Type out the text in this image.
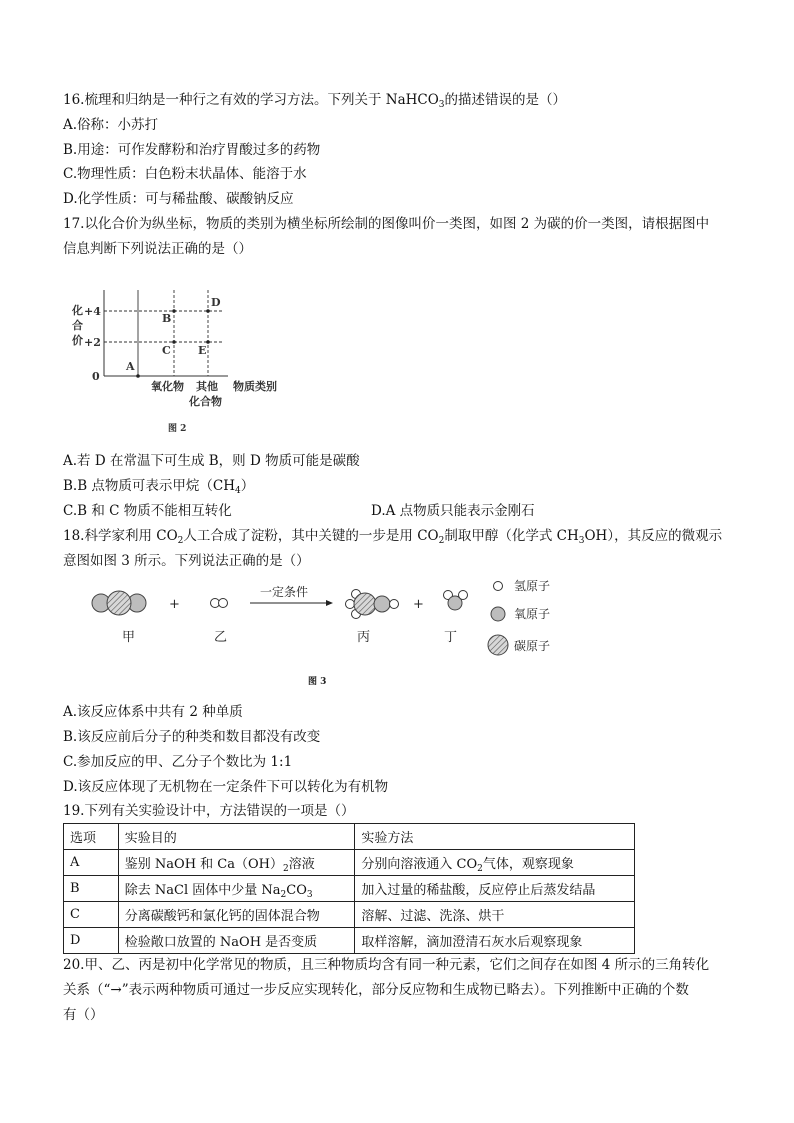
16.梳理和归纳是一种行之有效的学习方法。下列关于 NaHCO$_3$的描述错误的是（）
A.俗称：小苏打
B.用途：可作发酵粉和治疗胃酸过多的药物
C.物理性质：白色粉末状晶体、能溶于水
D.化学性质：可与稀盐酸、碳酸钠反应
17.以化合价为纵坐标，物质的类别为横坐标所绘制的图像叫价一类图，如图 2 为碳的价一类图，请根据图中
信息判断下列说法正确的是（）
化
合
价
+4
+2
0
A
B
C
D
E
氧化物 其他 物质类别
化合物
图 2
A.若 D 在常温下可生成 B，则 D 物质可能是碳酸
B.B 点物质可表示甲烷$(CH_4)$
C.B 和 C 物质不能相互转化	D.A 点物质只能表示金刚石
18.科学家利用 $CO_2$人工合成了淀粉，其中关键的一步是用 $CO_2$制取甲醇（化学式 $CH_3OH$），其反应的微观示
意图如图 3 所示。下列说法正确的是（）
+
一定条件
+
甲	乙	丙	丁
氢原子
氧原子
碳原子
图 3
A.该反应体系中共有 2 种单质
B.该反应前后分子的种类和数目都没有改变
C.参加反应的甲、乙分子个数比为 1:1
D.该反应体现了无机物在一定条件下可以转化为有机物
19.下列有关实验设计中，方法错误的一项是（）
选项	实验目的	实验方法
A	鉴别 NaOH 和 $Ca(OH)_2$溶液	分别向溶液通入 $CO_2$气体，观察现象
B	除去 NaCl 固体中少量 $Na_2CO_3$	加入过量的稀盐酸，反应停止后蒸发结晶
C	分离碳酸钙和氯化钙的固体混合物	溶解、过滤、洗涤、烘干
D	检验敞口放置的 NaOH 是否变质	取样溶解，滴加澄清石灰水后观察现象
20.甲、乙、丙是初中化学常见的物质，且三种物质均含有同一种元素，它们之间存在如图 4 所示的三角转化
关系（“→”表示两种物质可通过一步反应实现转化，部分反应物和生成物已略去）。下列推断中正确的个数
有（）
